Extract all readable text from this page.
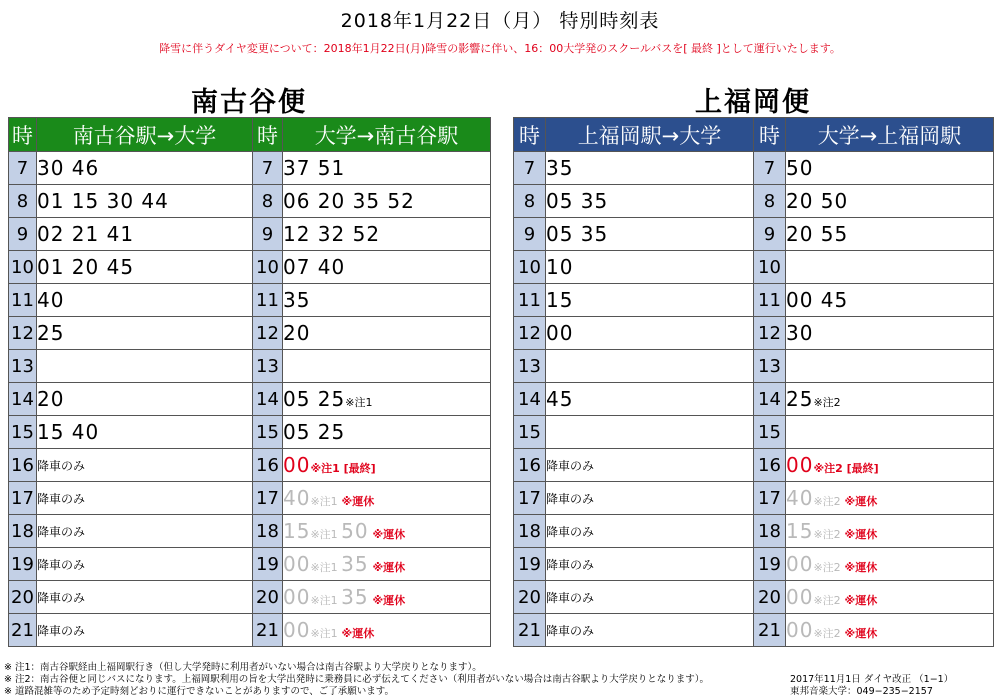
2018年1月22日（月） 特別時刻表
降雪に伴うダイヤ変更について：2018年1月22日(月)降雪の影響に伴い、16：00大学発のスクールバスを[ 最終 ]として運行いたします。
南古谷便	上福岡便
時	南古谷駅→大学	時	大学→南古谷駅
7	30 46	7	37 51
8	01 15 30 44	8	06 20 35 52
9	02 21 41	9	12 32 52
10	01 20 45	10	07 40
11	40	11	35
12	25	12	20
13		13	
14	20	14	05 25※注1
15	15 40	15	05 25
16	降車のみ	16	00※注1 [最終]
17	降車のみ	17	40※注1 ※運休
18	降車のみ	18	15※注1 50 ※運休
19	降車のみ	19	00※注1 35 ※運休
20	降車のみ	20	00※注1 35 ※運休
21	降車のみ	21	00※注1 ※運休
時	上福岡駅→大学	時	大学→上福岡駅
7	35	7	50
8	05 35	8	20 50
9	05 35	9	20 55
10	10	10	
11	15	11	00 45
12	00	12	30
13		13	
14	45	14	25※注2
15		15	
16	降車のみ	16	00※注2 [最終]
17	降車のみ	17	40※注2 ※運休
18	降車のみ	18	15※注2 ※運休
19	降車のみ	19	00※注2 ※運休
20	降車のみ	20	00※注2 ※運休
21	降車のみ	21	00※注2 ※運休
※ 注1：南古谷駅経由上福岡駅行き（但し大学発時に利用者がいない場合は南古谷駅より大学戻りとなります）。
※ 注2：南古谷便と同じバスになります。上福岡駅利用の旨を大学出発時に乗務員に必ず伝えてください（利用者がいない場合は南古谷駅より大学戻りとなります）。
※ 道路混雑等のため予定時刻どおりに運行できないことがありますので、ご了承願います。
2017年11月1日 ダイヤ改正 （1−1）
東邦音楽大学：049−235−2157
